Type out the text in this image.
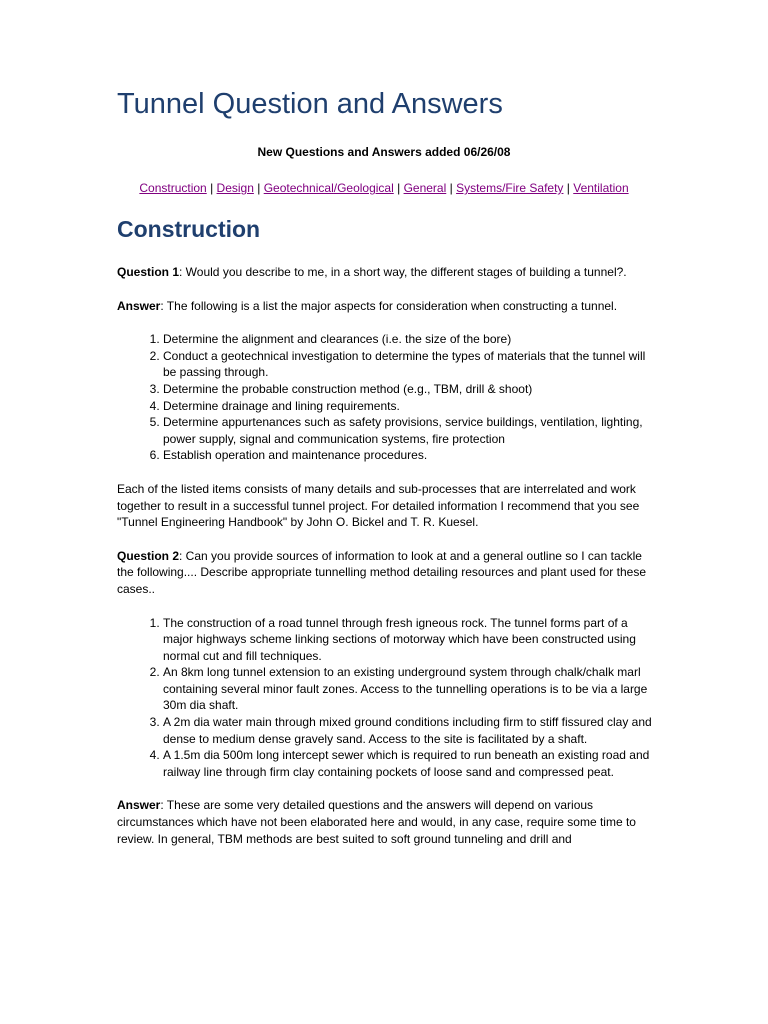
Tunnel Question and Answers
New Questions and Answers added 06/26/08
Construction | Design | Geotechnical/Geological | General | Systems/Fire Safety | Ventilation
Construction

Question 1: Would you describe to me, in a short way, the different stages of building a tunnel?.

Answer: The following is a list the major aspects for consideration when constructing a tunnel.

1. Determine the alignment and clearances (i.e. the size of the bore)
2. Conduct a geotechnical investigation to determine the types of materials that the tunnel will be passing through.
3. Determine the probable construction method (e.g., TBM, drill & shoot)
4. Determine drainage and lining requirements.
5. Determine appurtenances such as safety provisions, service buildings, ventilation, lighting, power supply, signal and communication systems, fire protection
6. Establish operation and maintenance procedures.

Each of the listed items consists of many details and sub-processes that are interrelated and work together to result in a successful tunnel project. For detailed information I recommend that you see "Tunnel Engineering Handbook" by John O. Bickel and T. R. Kuesel.

Question 2: Can you provide sources of information to look at and a general outline so I can tackle the following.... Describe appropriate tunnelling method detailing resources and plant used for these cases..

1. The construction of a road tunnel through fresh igneous rock. The tunnel forms part of a major highways scheme linking sections of motorway which have been constructed using normal cut and fill techniques.
2. An 8km long tunnel extension to an existing underground system through chalk/chalk marl containing several minor fault zones. Access to the tunnelling operations is to be via a large 30m dia shaft.
3. A 2m dia water main through mixed ground conditions including firm to stiff fissured clay and dense to medium dense gravely sand. Access to the site is facilitated by a shaft.
4. A 1.5m dia 500m long intercept sewer which is required to run beneath an existing road and railway line through firm clay containing pockets of loose sand and compressed peat.

Answer: These are some very detailed questions and the answers will depend on various circumstances which have not been elaborated here and would, in any case, require some time to review. In general, TBM methods are best suited to soft ground tunneling and drill and
